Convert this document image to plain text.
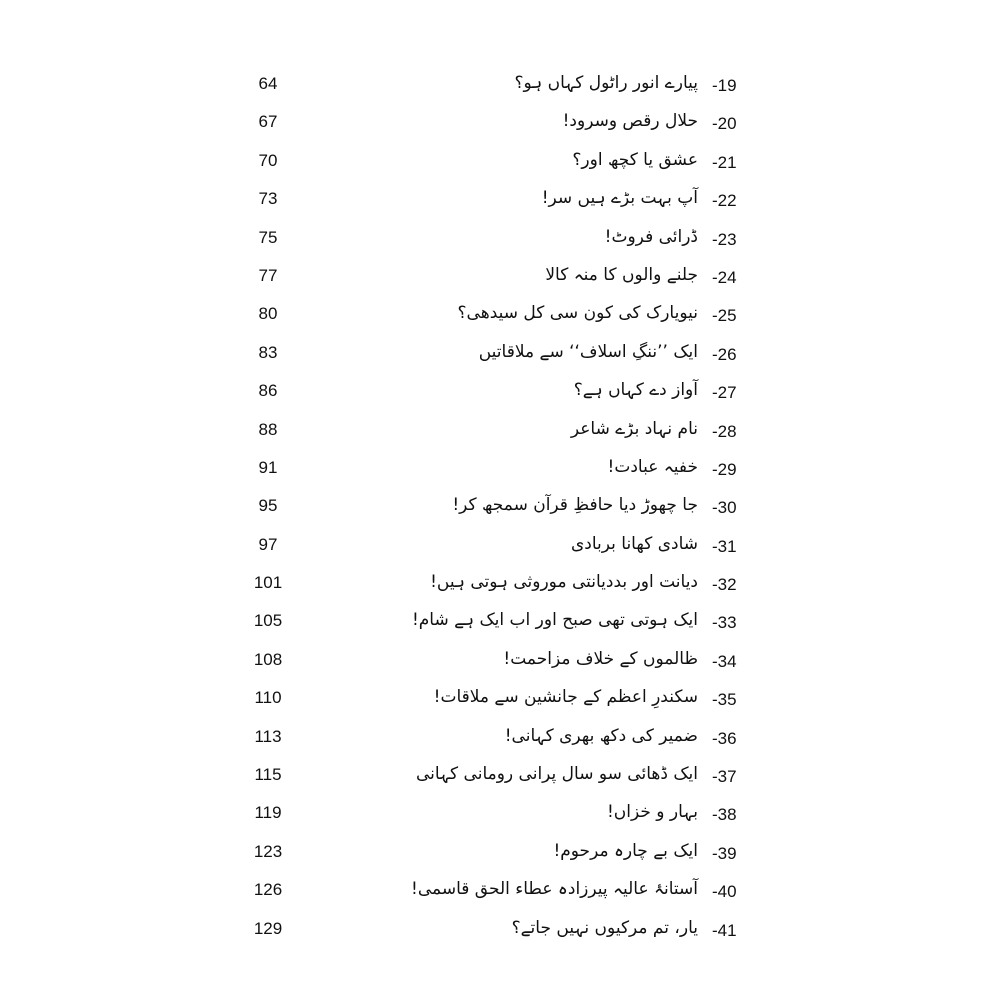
64	پیارے انور راٹول کہاں ہو؟ -19
67	حلال رقص وسرود! -20
70	عشق یا کچھ اور؟ -21
73	آپ بہت بڑے ہیں سر! -22
75	ڈرائی فروٹ! -23
77	جلنے والوں کا منہ کالا -24
80	نیویارک کی کون سی کل سیدھی؟ -25
83	ایک ’’ننگِ اسلاف‘‘ سے ملاقاتیں -26
86	آواز دے کہاں ہے؟ -27
88	نام نہاد بڑے شاعر -28
91	خفیہ عبادت! -29
95	جا چھوڑ دیا حافظِ قرآن سمجھ کر! -30
97	شادی کھانا بربادی -31
101	دیانت اور بددیانتی موروثی ہوتی ہیں! -32
105	ایک ہوتی تھی صبح اور اب ایک ہے شام! -33
108	ظالموں کے خلاف مزاحمت! -34
110	سکندرِ اعظم کے جانشین سے ملاقات! -35
113	ضمیر کی دکھ بھری کہانی! -36
115	ایک ڈھائی سو سال پرانی رومانی کہانی -37
119	بہار و خزاں! -38
123	ایک بے چارہ مرحوم! -39
126	آستانۂ عالیہ پیرزادہ عطاء الحق قاسمی! -40
129	یار، تم مرکیوں نہیں جاتے؟ -41
